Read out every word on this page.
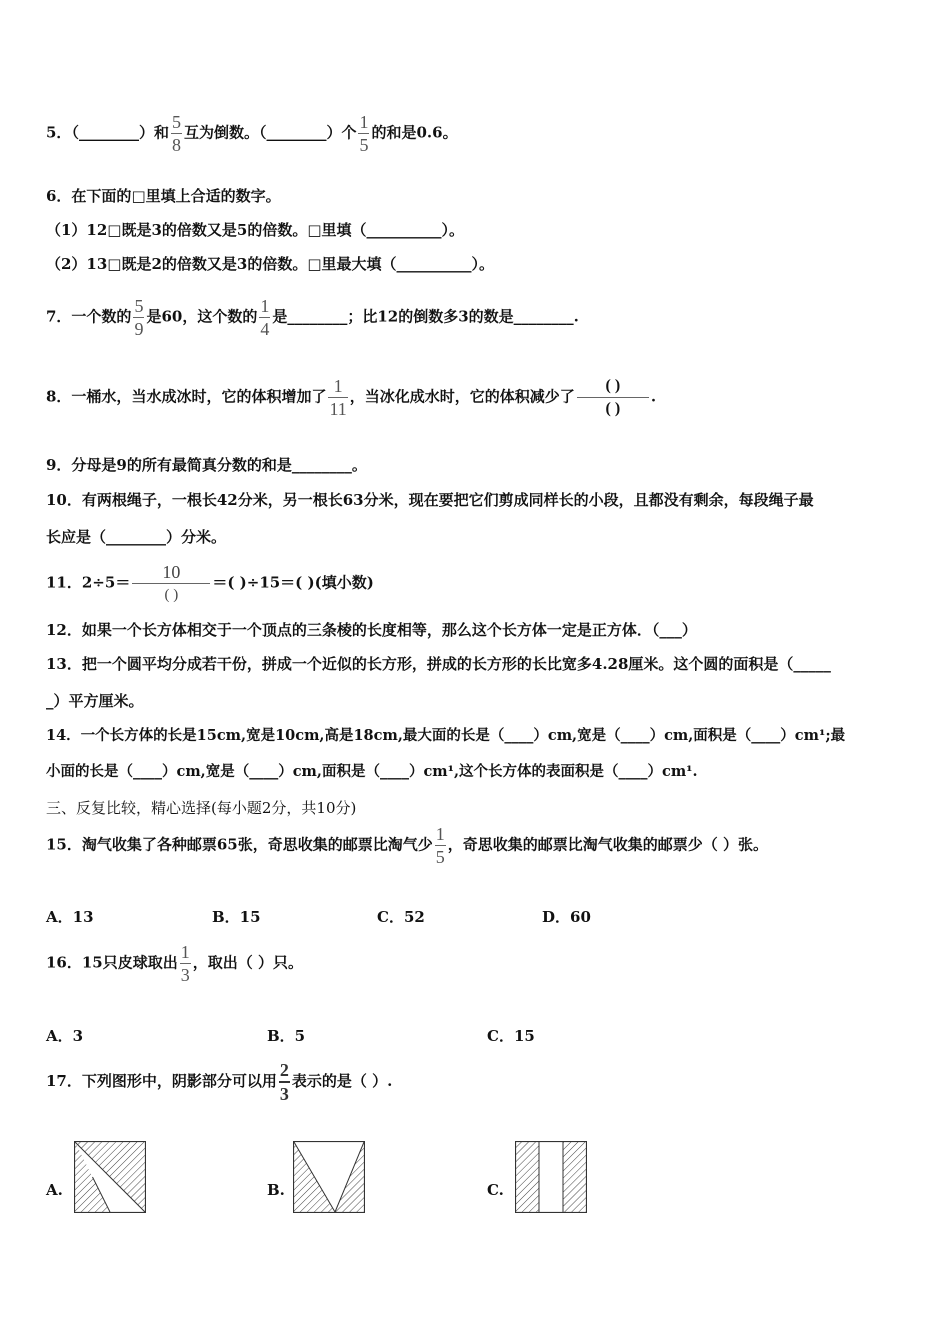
5．（________）和 $\frac{5}{8}$ 互为倒数。（________）个 $\frac{1}{5}$ 的和是0.6。
6．在下面的□里填上合适的数字。
（1）12□既是3的倍数又是5的倍数。□里填（__________）。
（2）13□既是2的倍数又是3的倍数。□里最大填（__________）。
7．一个数的 $\frac{5}{9}$ 是60，这个数的 $\frac{1}{4}$ 是________；比12的倒数多3的数是________.
8．一桶水，当水成冰时，它的体积增加了 $\frac{1}{11}$ ，当冰化成水时，它的体积减少了 $\frac{( )}{( )}$ .
9．分母是9的所有最简真分数的和是________。
10．有两根绳子，一根长42分米，另一根长63分米，现在要把它们剪成同样长的小段，且都没有剩余，每段绳子最
长应是（________）分米。
11．$2\div 5= \frac{10}{( )}$ ＝( )÷15＝( )(填小数)
12．如果一个长方体相交于一个顶点的三条棱的长度相等，那么这个长方体一定是正方体．（___）
13．把一个圆平均分成若干份，拼成一个近似的长方形，拼成的长方形的长比宽多4.28厘米。这个圆的面积是（_____
_）平方厘米。
14．一个长方体的长是15cm,宽是10cm,高是18cm,最大面的长是（____）cm,宽是（____）cm,面积是（____）cm¹;最
小面的长是（____）cm,宽是（____）cm,面积是（____）cm¹,这个长方体的表面积是（____）cm¹.
三、反复比较，精心选择(每小题2分，共10分)
15．淘气收集了各种邮票65张，奇思收集的邮票比淘气少 $\frac{1}{5}$ ，奇思收集的邮票比淘气收集的邮票少（ ）张。
A．13	B．15	C．52	D．60
16．15只皮球取出 $\frac{1}{3}$ ，取出（ ）只。
A．3	B．5	C．15
17．下列图形中，阴影部分可以用 $\frac{2}{3}$ 表示的是（ ）.
A.	B.	C.
